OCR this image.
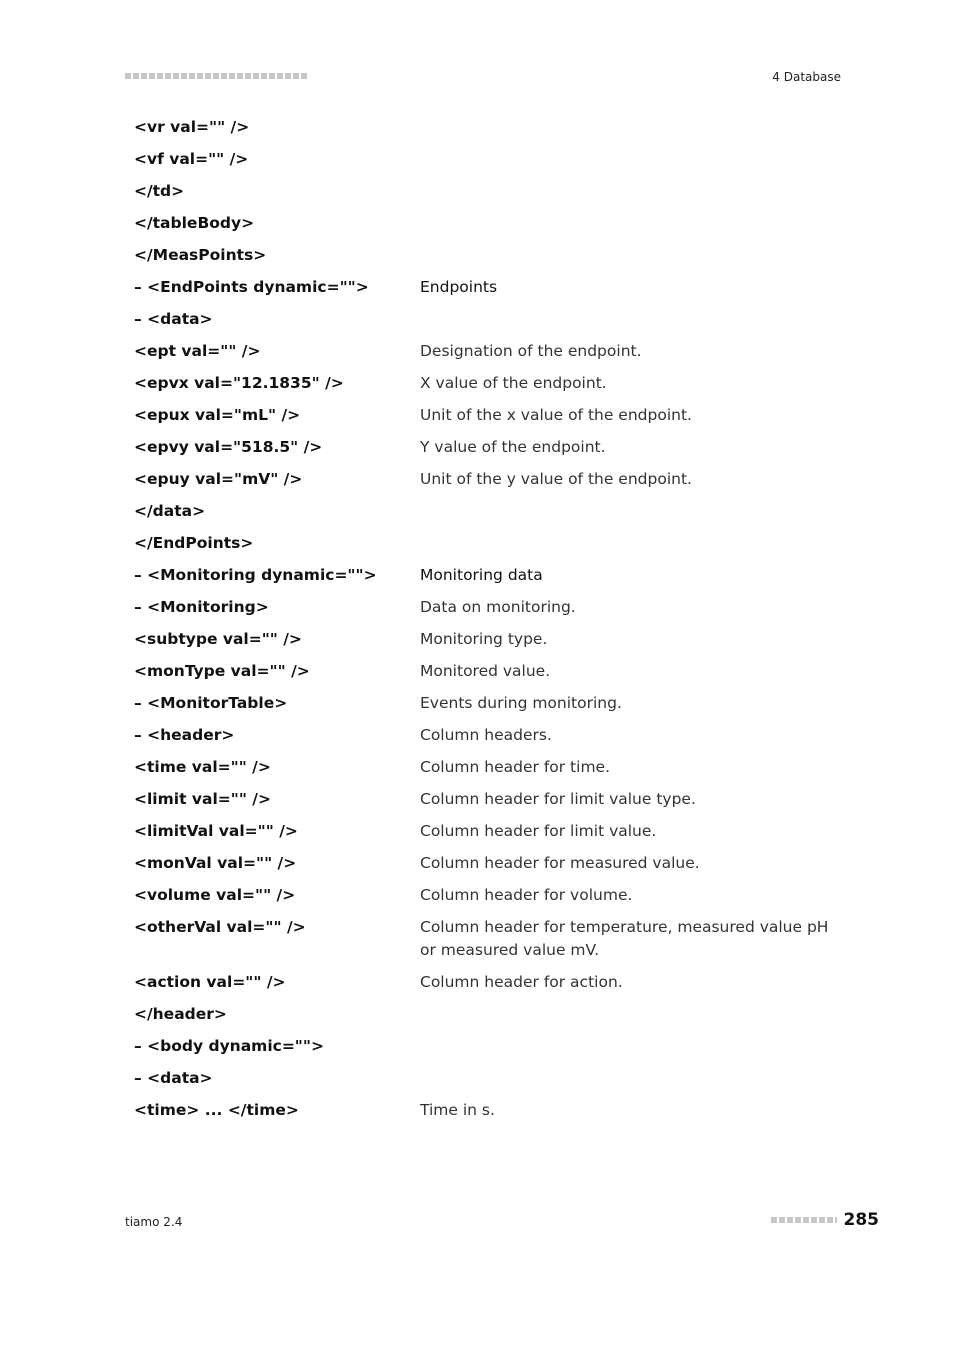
4 Database
<vr val="" />
<vf val="" />
</td>
</tableBody>
</MeasPoints>
– <EndPoints dynamic="">	Endpoints
– <data>
<ept val="" />	Designation of the endpoint.
<epvx val="12.1835" />	X value of the endpoint.
<epux val="mL" />	Unit of the x value of the endpoint.
<epvy val="518.5" />	Y value of the endpoint.
<epuy val="mV" />	Unit of the y value of the endpoint.
</data>
</EndPoints>
– <Monitoring dynamic="">	Monitoring data
– <Monitoring>	Data on monitoring.
<subtype val="" />	Monitoring type.
<monType val="" />	Monitored value.
– <MonitorTable>	Events during monitoring.
– <header>	Column headers.
<time val="" />	Column header for time.
<limit val="" />	Column header for limit value type.
<limitVal val="" />	Column header for limit value.
<monVal val="" />	Column header for measured value.
<volume val="" />	Column header for volume.
<otherVal val="" />	Column header for temperature, measured value pH or measured value mV.
<action val="" />	Column header for action.
</header>
– <body dynamic="">
– <data>
<time> ... </time>	Time in s.
tiamo 2.4	285
